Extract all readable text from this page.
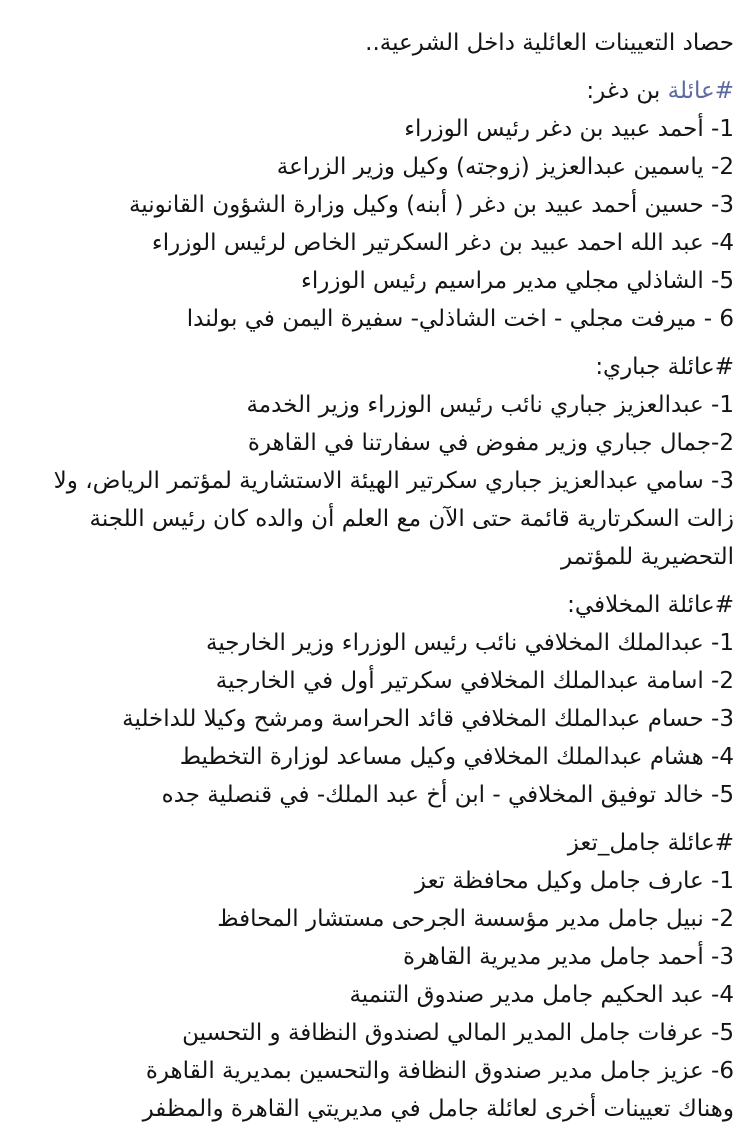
حصاد التعيينات العائلية داخل الشرعية..
#عائلة بن دغر:
1- أحمد عبيد بن دغر رئيس الوزراء
2- ياسمين عبدالعزيز (زوجته) وكيل وزير الزراعة
3- حسين أحمد عبيد بن دغر ( أبنه) وكيل وزارة الشؤون القانونية
4- عبد الله احمد عبيد بن دغر السكرتير الخاص لرئيس الوزراء
5- الشاذلي مجلي مدير مراسيم رئيس الوزراء
6 - ميرفت مجلي - اخت الشاذلي- سفيرة اليمن في بولندا
#عائلة جباري:
1- عبدالعزيز جباري نائب رئيس الوزراء وزير الخدمة
2-جمال جباري وزير مفوض في سفارتنا في القاهرة
3- سامي عبدالعزيز جباري سكرتير الهيئة الاستشارية لمؤتمر الرياض، ولا زالت السكرتارية قائمة حتى الآن مع العلم أن والده كان رئيس اللجنة التحضيرية للمؤتمر
#عائلة المخلافي:
1- عبدالملك المخلافي نائب رئيس الوزراء وزير الخارجية
2- اسامة عبدالملك المخلافي سكرتير أول في الخارجية
3- حسام عبدالملك المخلافي قائد الحراسة ومرشح وكيلا للداخلية
4- هشام عبدالملك المخلافي وكيل مساعد لوزارة التخطيط
5- خالد توفيق المخلافي - ابن أخ عبد الملك- في قنصلية جده
#عائلة جامل_تعز
1- عارف جامل وكيل محافظة تعز
2- نبيل جامل مدير مؤسسة الجرحى مستشار المحافظ
3- أحمد جامل مدير مديرية القاهرة
4- عبد الحكيم جامل مدير صندوق التنمية
5- عرفات جامل المدير المالي لصندوق النظافة و التحسين
6- عزيز جامل مدير صندوق النظافة والتحسين بمديرية القاهرة
وهناك تعيينات أخرى لعائلة جامل في مديريتي القاهرة والمظفر
